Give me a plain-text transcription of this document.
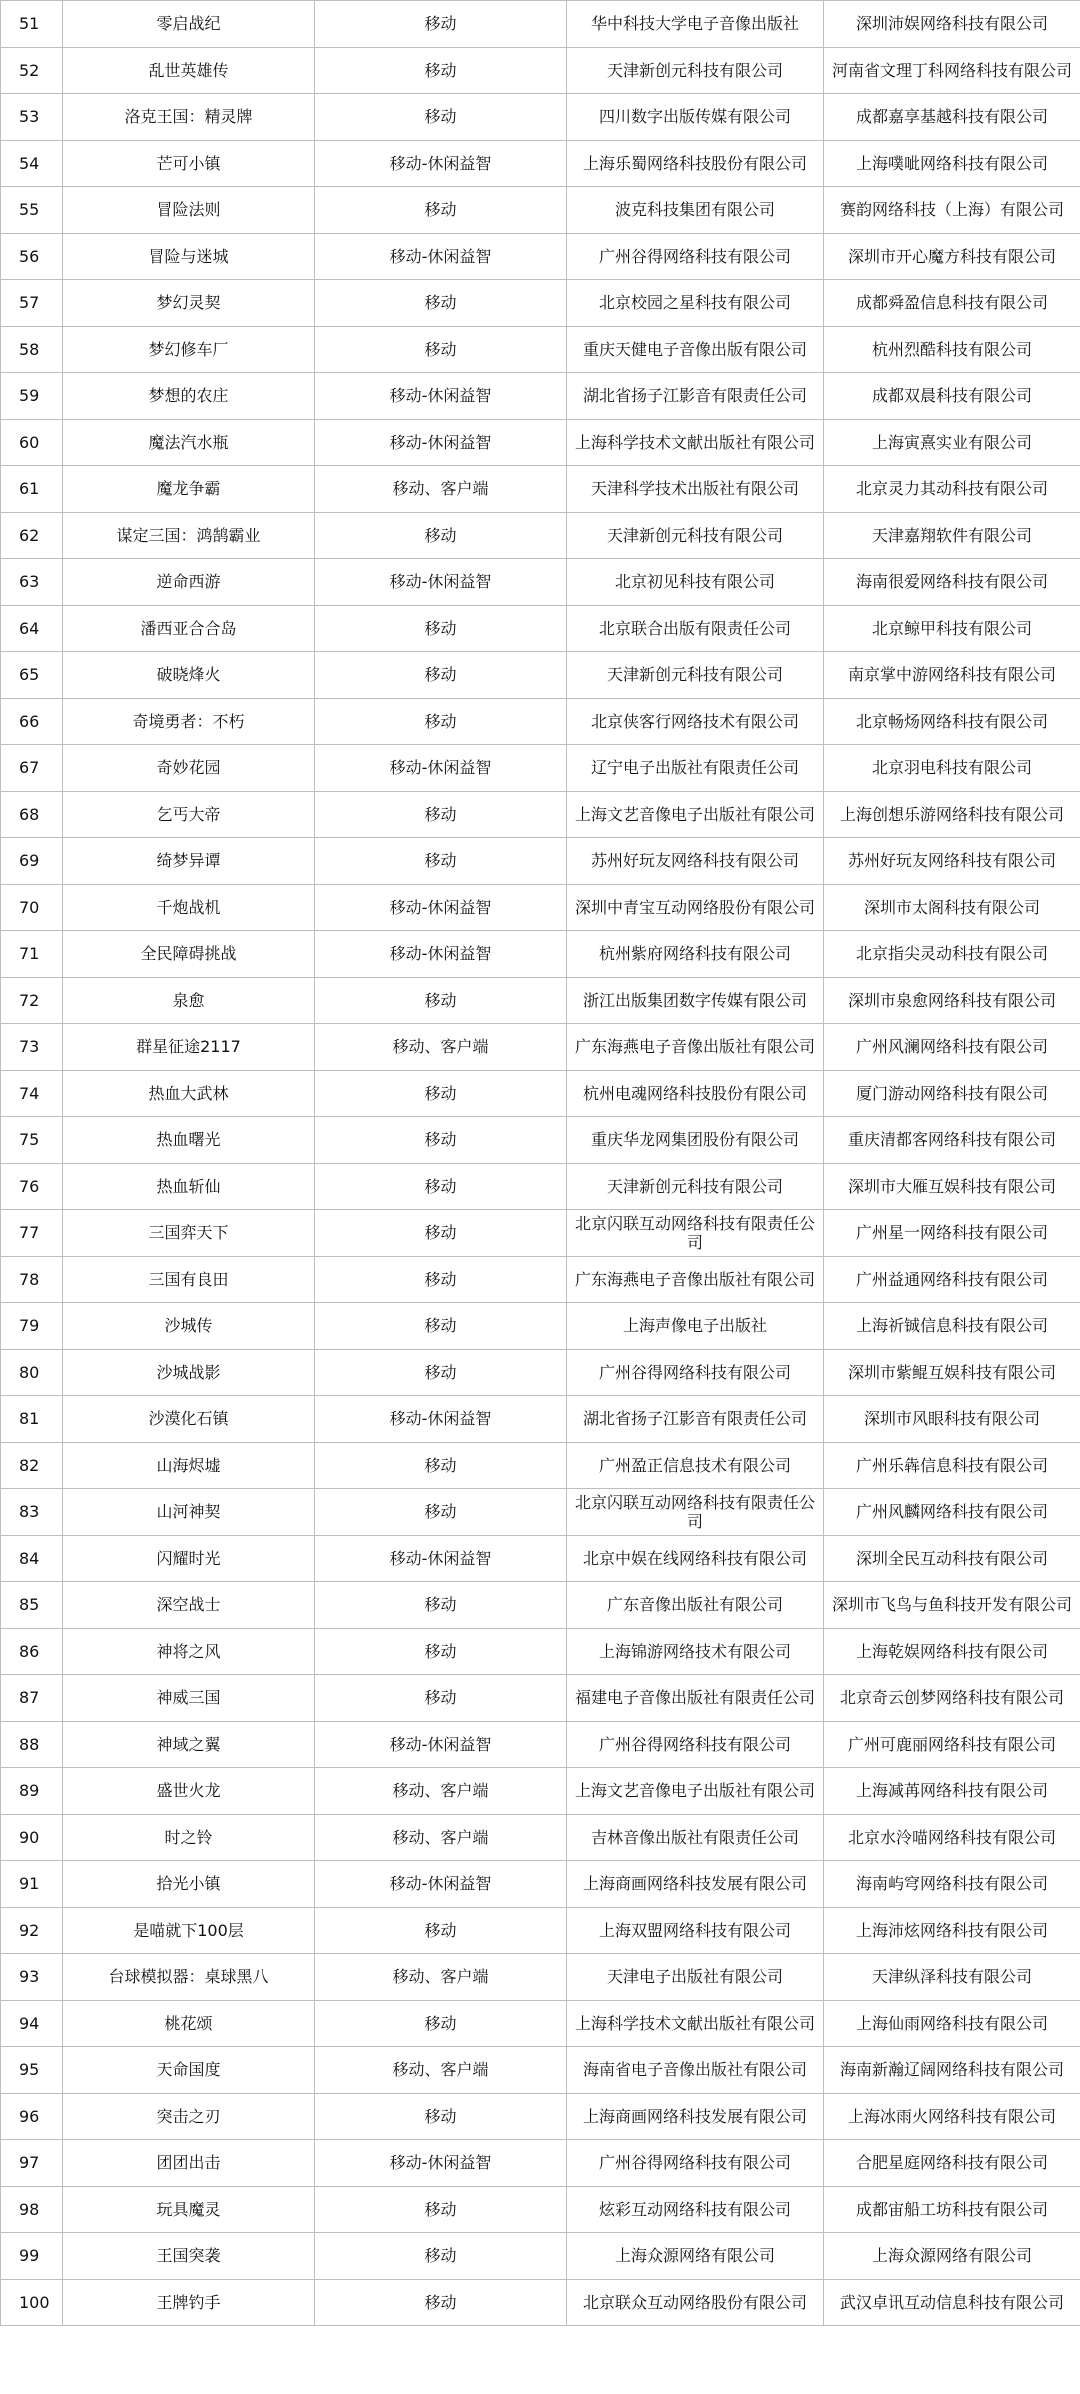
51	零启战纪	移动	华中科技大学电子音像出版社	深圳沛娱网络科技有限公司
52	乱世英雄传	移动	天津新创元科技有限公司	河南省文理丁科网络科技有限公司
53	洛克王国：精灵牌	移动	四川数字出版传媒有限公司	成都嘉享基越科技有限公司
54	芒可小镇	移动-休闲益智	上海乐蜀网络科技股份有限公司	上海噗呲网络科技有限公司
55	冒险法则	移动	波克科技集团有限公司	赛韵网络科技（上海）有限公司
56	冒险与迷城	移动-休闲益智	广州谷得网络科技有限公司	深圳市开心魔方科技有限公司
57	梦幻灵契	移动	北京校园之星科技有限公司	成都舜盈信息科技有限公司
58	梦幻修车厂	移动	重庆天健电子音像出版有限公司	杭州烈酷科技有限公司
59	梦想的农庄	移动-休闲益智	湖北省扬子江影音有限责任公司	成都双晨科技有限公司
60	魔法汽水瓶	移动-休闲益智	上海科学技术文献出版社有限公司	上海寅熹实业有限公司
61	魔龙争霸	移动、客户端	天津科学技术出版社有限公司	北京灵力其动科技有限公司
62	谋定三国：鸿鹄霸业	移动	天津新创元科技有限公司	天津嘉翔软件有限公司
63	逆命西游	移动-休闲益智	北京初见科技有限公司	海南很爱网络科技有限公司
64	潘西亚合合岛	移动	北京联合出版有限责任公司	北京鲸甲科技有限公司
65	破晓烽火	移动	天津新创元科技有限公司	南京掌中游网络科技有限公司
66	奇境勇者：不朽	移动	北京侠客行网络技术有限公司	北京畅炀网络科技有限公司
67	奇妙花园	移动-休闲益智	辽宁电子出版社有限责任公司	北京羽电科技有限公司
68	乞丐大帝	移动	上海文艺音像电子出版社有限公司	上海创想乐游网络科技有限公司
69	绮梦异谭	移动	苏州好玩友网络科技有限公司	苏州好玩友网络科技有限公司
70	千炮战机	移动-休闲益智	深圳中青宝互动网络股份有限公司	深圳市太阁科技有限公司
71	全民障碍挑战	移动-休闲益智	杭州紫府网络科技有限公司	北京指尖灵动科技有限公司
72	泉愈	移动	浙江出版集团数字传媒有限公司	深圳市泉愈网络科技有限公司
73	群星征途2117	移动、客户端	广东海燕电子音像出版社有限公司	广州风澜网络科技有限公司
74	热血大武林	移动	杭州电魂网络科技股份有限公司	厦门游动网络科技有限公司
75	热血曙光	移动	重庆华龙网集团股份有限公司	重庆清都客网络科技有限公司
76	热血斩仙	移动	天津新创元科技有限公司	深圳市大雁互娱科技有限公司
77	三国弈天下	移动	北京闪联互动网络科技有限责任公司	广州星一网络科技有限公司
78	三国有良田	移动	广东海燕电子音像出版社有限公司	广州益通网络科技有限公司
79	沙城传	移动	上海声像电子出版社	上海祈铖信息科技有限公司
80	沙城战影	移动	广州谷得网络科技有限公司	深圳市紫鲲互娱科技有限公司
81	沙漠化石镇	移动-休闲益智	湖北省扬子江影音有限责任公司	深圳市风眼科技有限公司
82	山海烬墟	移动	广州盈正信息技术有限公司	广州乐犇信息科技有限公司
83	山河神契	移动	北京闪联互动网络科技有限责任公司	广州风麟网络科技有限公司
84	闪耀时光	移动-休闲益智	北京中娱在线网络科技有限公司	深圳全民互动科技有限公司
85	深空战士	移动	广东音像出版社有限公司	深圳市飞鸟与鱼科技开发有限公司
86	神将之风	移动	上海锦游网络技术有限公司	上海乾娱网络科技有限公司
87	神威三国	移动	福建电子音像出版社有限责任公司	北京奇云创梦网络科技有限公司
88	神域之翼	移动-休闲益智	广州谷得网络科技有限公司	广州可鹿丽网络科技有限公司
89	盛世火龙	移动、客户端	上海文艺音像电子出版社有限公司	上海减苒网络科技有限公司
90	时之铃	移动、客户端	吉林音像出版社有限责任公司	北京水泠喵网络科技有限公司
91	拾光小镇	移动-休闲益智	上海商画网络科技发展有限公司	海南屿穹网络科技有限公司
92	是喵就下100层	移动	上海双盟网络科技有限公司	上海沛炫网络科技有限公司
93	台球模拟器：桌球黑八	移动、客户端	天津电子出版社有限公司	天津纵泽科技有限公司
94	桃花颂	移动	上海科学技术文献出版社有限公司	上海仙雨网络科技有限公司
95	天命国度	移动、客户端	海南省电子音像出版社有限公司	海南新瀚辽阔网络科技有限公司
96	突击之刃	移动	上海商画网络科技发展有限公司	上海冰雨火网络科技有限公司
97	团团出击	移动-休闲益智	广州谷得网络科技有限公司	合肥星庭网络科技有限公司
98	玩具魔灵	移动	炫彩互动网络科技有限公司	成都宙船工坊科技有限公司
99	王国突袭	移动	上海众源网络有限公司	上海众源网络有限公司
100	王牌钓手	移动	北京联众互动网络股份有限公司	武汉卓讯互动信息科技有限公司
